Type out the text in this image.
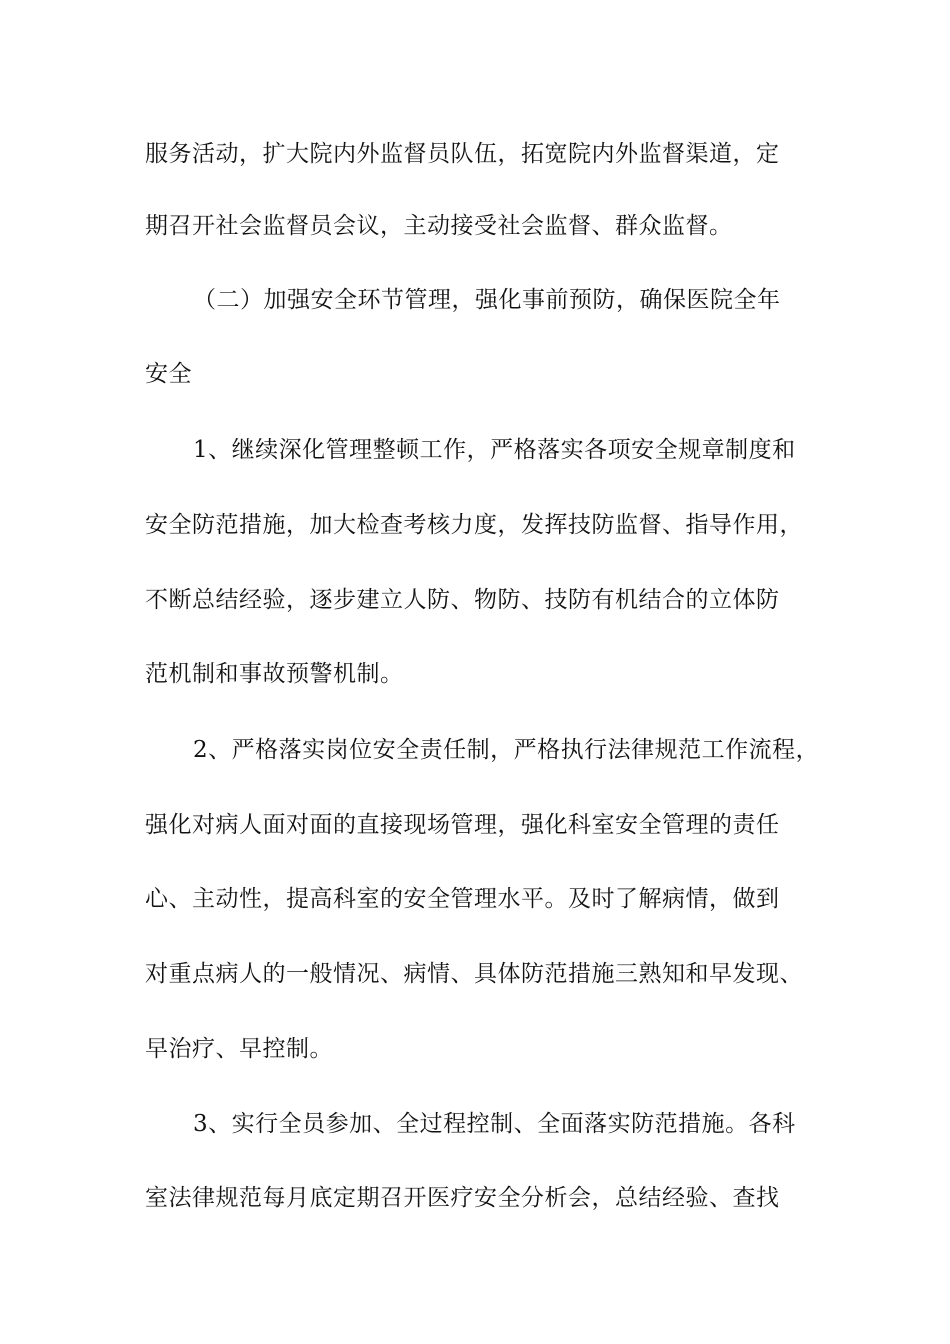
服务活动，扩大院内外监督员队伍，拓宽院内外监督渠道，定
期召开社会监督员会议，主动接受社会监督、群众监督。
（二）加强安全环节管理，强化事前预防，确保医院全年
安全
1、继续深化管理整顿工作，严格落实各项安全规章制度和
安全防范措施，加大检查考核力度，发挥技防监督、指导作用，
不断总结经验，逐步建立人防、物防、技防有机结合的立体防
范机制和事故预警机制。
2、严格落实岗位安全责任制，严格执行法律规范工作流程，
强化对病人面对面的直接现场管理，强化科室安全管理的责任
心、主动性，提高科室的安全管理水平。及时了解病情，做到
对重点病人的一般情况、病情、具体防范措施三熟知和早发现、
早治疗、早控制。
3、实行全员参加、全过程控制、全面落实防范措施。各科
室法律规范每月底定期召开医疗安全分析会，总结经验、查找
